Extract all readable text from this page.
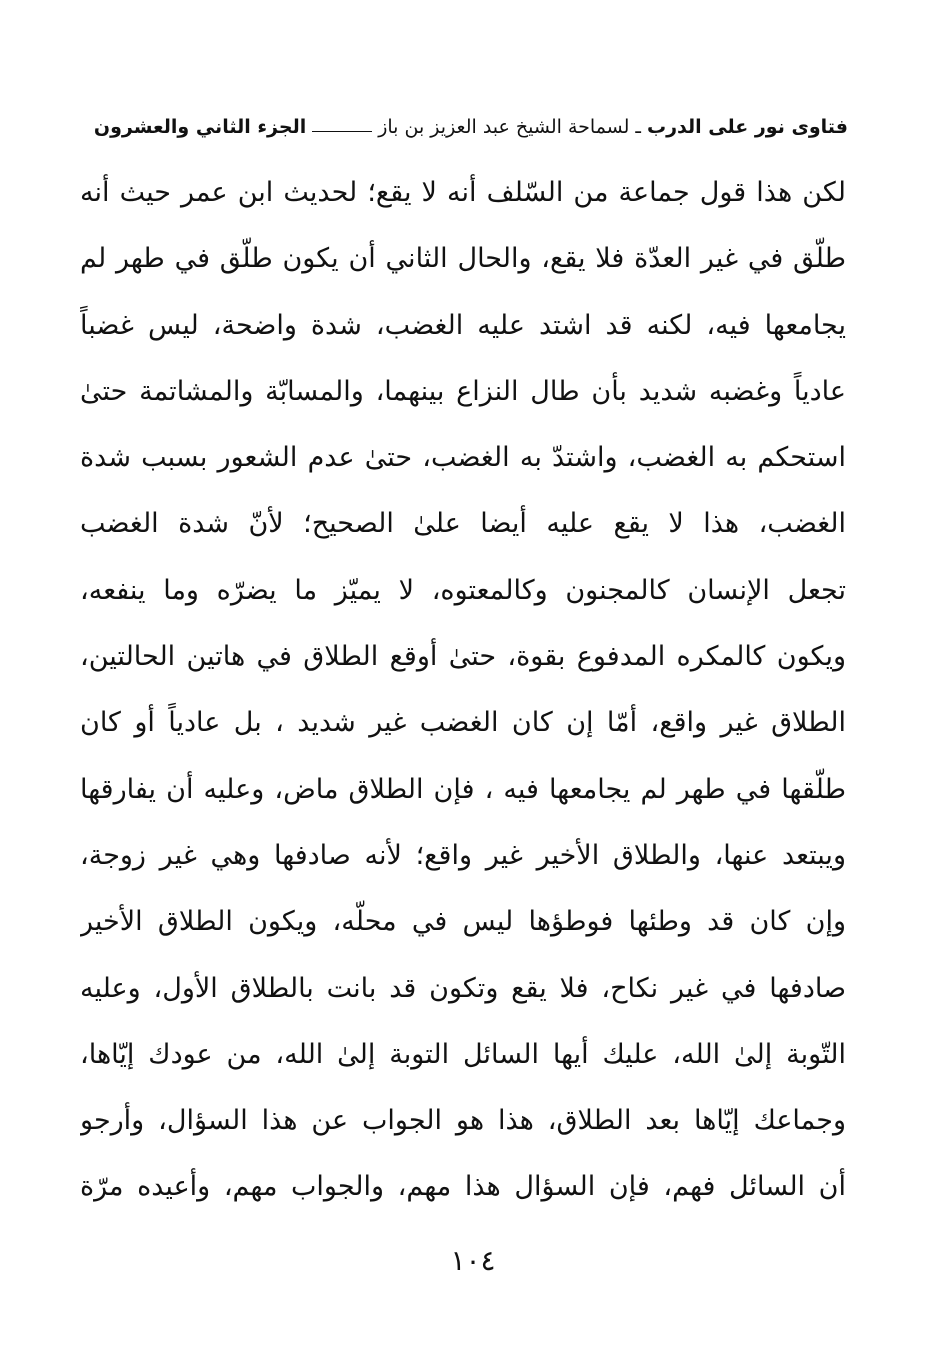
فتاوى نور على الدرب
ـ
لسماحة الشيخ عبد العزيز بن باز
الجزء الثاني والعشرون
لكن هذا قول جماعة من السّلف أنه لا يقع؛ لحديث ابن عمر حيث أنه
طلّق في غير العدّة فلا يقع، والحال الثاني أن يكون طلّق في طهر لم
يجامعها فيه، لكنه قد اشتد عليه الغضب، شدة واضحة، ليس غضباً
عادياً وغضبه شديد بأن طال النزاع بينهما، والمسابّة والمشاتمة حتىٰ
استحكم به الغضب، واشتدّ به الغضب، حتىٰ عدم الشعور بسبب شدة
الغضب، هذا لا يقع عليه أيضا علىٰ الصحيح؛ لأنّ شدة الغضب
تجعل الإنسان كالمجنون وكالمعتوه، لا يميّز ما يضرّه وما ينفعه،
ويكون كالمكره المدفوع بقوة، حتىٰ أوقع الطلاق في هاتين الحالتين،
الطلاق غير واقع، أمّا إن كان الغضب غير شديد ، بل عادياً أو كان
طلّقها في طهر لم يجامعها فيه ، فإن الطلاق ماض، وعليه أن يفارقها
ويبتعد عنها، والطلاق الأخير غير واقع؛ لأنه صادفها وهي غير زوجة،
وإن كان قد وطئها فوطؤها ليس في محلّه، ويكون الطلاق الأخير
صادفها في غير نكاح، فلا يقع وتكون قد بانت بالطلاق الأول، وعليه
التّوبة إلىٰ الله، عليك أيها السائل التوبة إلىٰ الله، من عودك إيّاها،
وجماعك إيّاها بعد الطلاق، هذا هو الجواب عن هذا السؤال، وأرجو
أن السائل فهم، فإن السؤال هذا مهم، والجواب مهم، وأعيده مرّة
١٠٤
